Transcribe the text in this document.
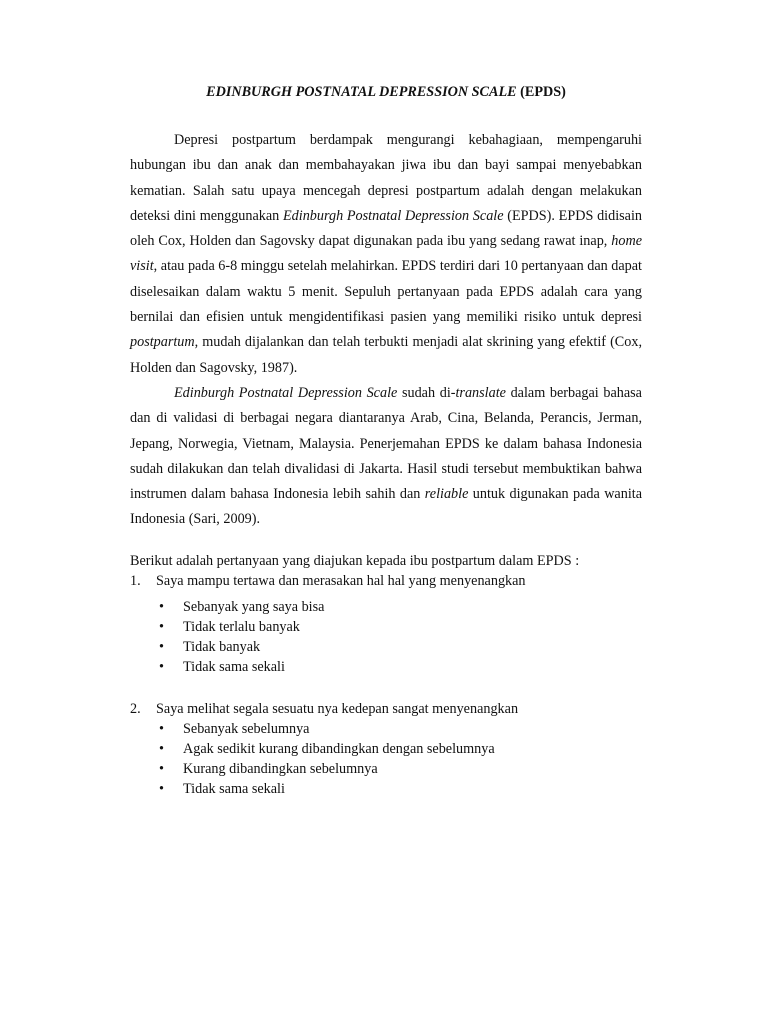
EDINBURGH POSTNATAL DEPRESSION SCALE (EPDS)

Depresi postpartum berdampak mengurangi kebahagiaan, mempengaruhi hubungan ibu dan anak dan membahayakan jiwa ibu dan bayi sampai menyebabkan kematian. Salah satu upaya mencegah depresi postpartum adalah dengan melakukan deteksi dini menggunakan Edinburgh Postnatal Depression Scale (EPDS). EPDS didisain oleh Cox, Holden dan Sagovsky dapat digunakan pada ibu yang sedang rawat inap, home visit, atau pada 6-8 minggu setelah melahirkan. EPDS terdiri dari 10 pertanyaan dan dapat diselesaikan dalam waktu 5 menit. Sepuluh pertanyaan pada EPDS adalah cara yang bernilai dan efisien untuk mengidentifikasi pasien yang memiliki risiko untuk depresi postpartum, mudah dijalankan dan telah terbukti menjadi alat skrining yang efektif (Cox, Holden dan Sagovsky, 1987).

Edinburgh Postnatal Depression Scale sudah di-translate dalam berbagai bahasa dan di validasi di berbagai negara diantaranya Arab, Cina, Belanda, Perancis, Jerman, Jepang, Norwegia, Vietnam, Malaysia. Penerjemahan EPDS ke dalam bahasa Indonesia sudah dilakukan dan telah divalidasi di Jakarta. Hasil studi tersebut membuktikan bahwa instrumen dalam bahasa Indonesia lebih sahih dan reliable untuk digunakan pada wanita Indonesia (Sari, 2009).

Berikut adalah pertanyaan yang diajukan kepada ibu postpartum dalam EPDS :

1.	Saya mampu tertawa dan merasakan hal hal yang menyenangkan
•	Sebanyak yang saya bisa
•	Tidak terlalu banyak
•	Tidak banyak
•	Tidak sama sekali
2.	Saya melihat segala sesuatu nya kedepan sangat menyenangkan
•	Sebanyak sebelumnya
•	Agak sedikit kurang dibandingkan dengan sebelumnya
•	Kurang dibandingkan sebelumnya
•	Tidak sama sekali
